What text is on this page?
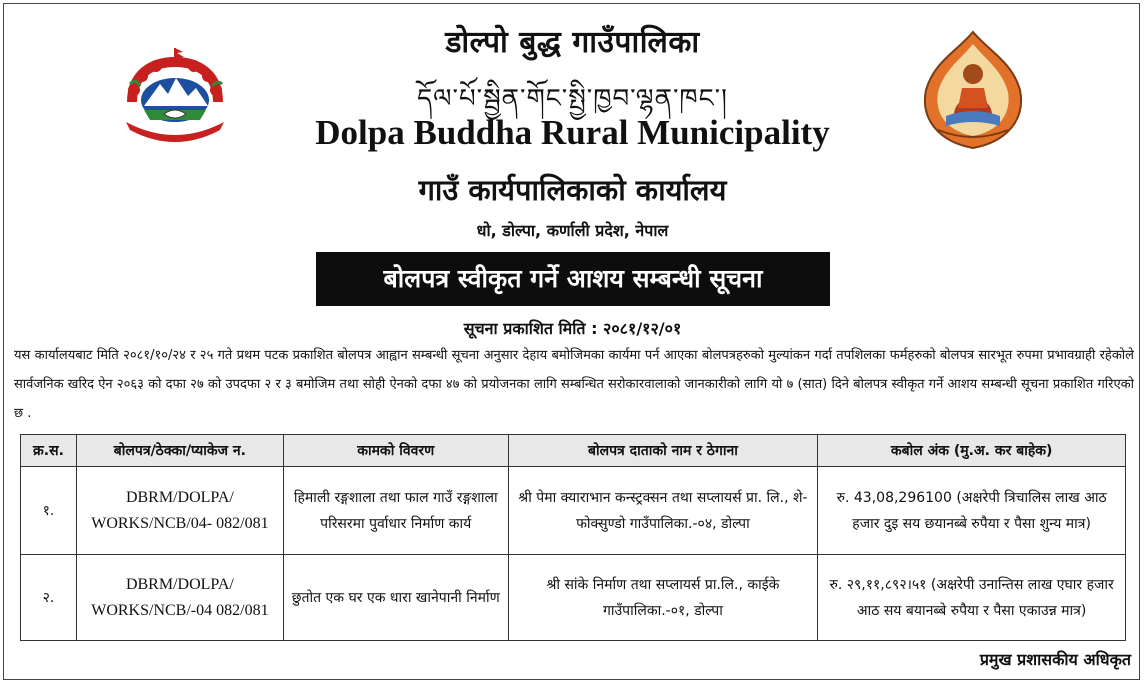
डोल्पो बुद्ध गाउँपालिका
དོལ་པོ་སྦྱིན་གོང་སྤྱི་ཁྱབ་ལྷན་ཁང་།
Dolpa Buddha Rural Municipality
गाउँ कार्यपालिकाको कार्यालय
धो, डोल्पा, कर्णाली प्रदेश, नेपाल
बोलपत्र स्वीकृत गर्ने आशय सम्बन्धी सूचना
सूचना प्रकाशित मिति : २०८१/१२/०१
यस कार्यालयबाट मिति २०८१/१०/२४ र २५ गते प्रथम पटक प्रकाशित बोलपत्र आह्वान सम्बन्धी सूचना अनुसार देहाय बमोजिमका कार्यमा पर्न आएका बोलपत्रहरुको मुल्यांकन गर्दा तपशिलका फर्महरुको बोलपत्र सारभूत रुपमा प्रभावग्राही रहेकोले सार्वजनिक खरिद ऐन २०६३ को दफा २७ को उपदफा २ र ३ बमोजिम तथा सोही ऐनको दफा ४७ को प्रयोजनका लागि सम्बन्धित सरोकारवालाको जानकारीको लागि यो ७ (सात) दिने बोलपत्र स्वीकृत गर्ने आशय सम्बन्धी सूचना प्रकाशित गरिएको छ .
क्र.स.	बोलपत्र/ठेक्का/प्याकेज न.	कामको विवरण	बोलपत्र दाताको नाम र ठेगाना	कबोल अंक (मु.अ. कर बाहेक)
१.	DBRM/DOLPA/ WORKS/NCB/04- 082/081	हिमाली रङ्गशाला तथा फाल गाउँ रङ्गशाला परिसरमा पुर्वाधार निर्माण कार्य	श्री पेमा क्याराभान कन्स्ट्रक्सन तथा सप्लायर्स प्रा. लि., शे-फोक्सुण्डो गाउँपालिका.-०४, डोल्पा	रु. 43,08,296100 (अक्षरेपी त्रिचालिस लाख आठ हजार दुइ सय छयानब्बे रुपैया र पैसा शुन्य मात्र)
२.	DBRM/DOLPA/ WORKS/NCB/-04 082/081	छुतोत एक घर एक धारा खानेपानी निर्माण	श्री सांके निर्माण तथा सप्लायर्स प्रा.लि., काईके गाउँपालिका.-०१, डोल्पा	रु. २९,११,८९२।५१ (अक्षरेपी उनान्तिस लाख एघार हजार आठ सय बयानब्बे रुपैया र पैसा एकाउन्न मात्र)
प्रमुख प्रशासकीय अधिकृत
